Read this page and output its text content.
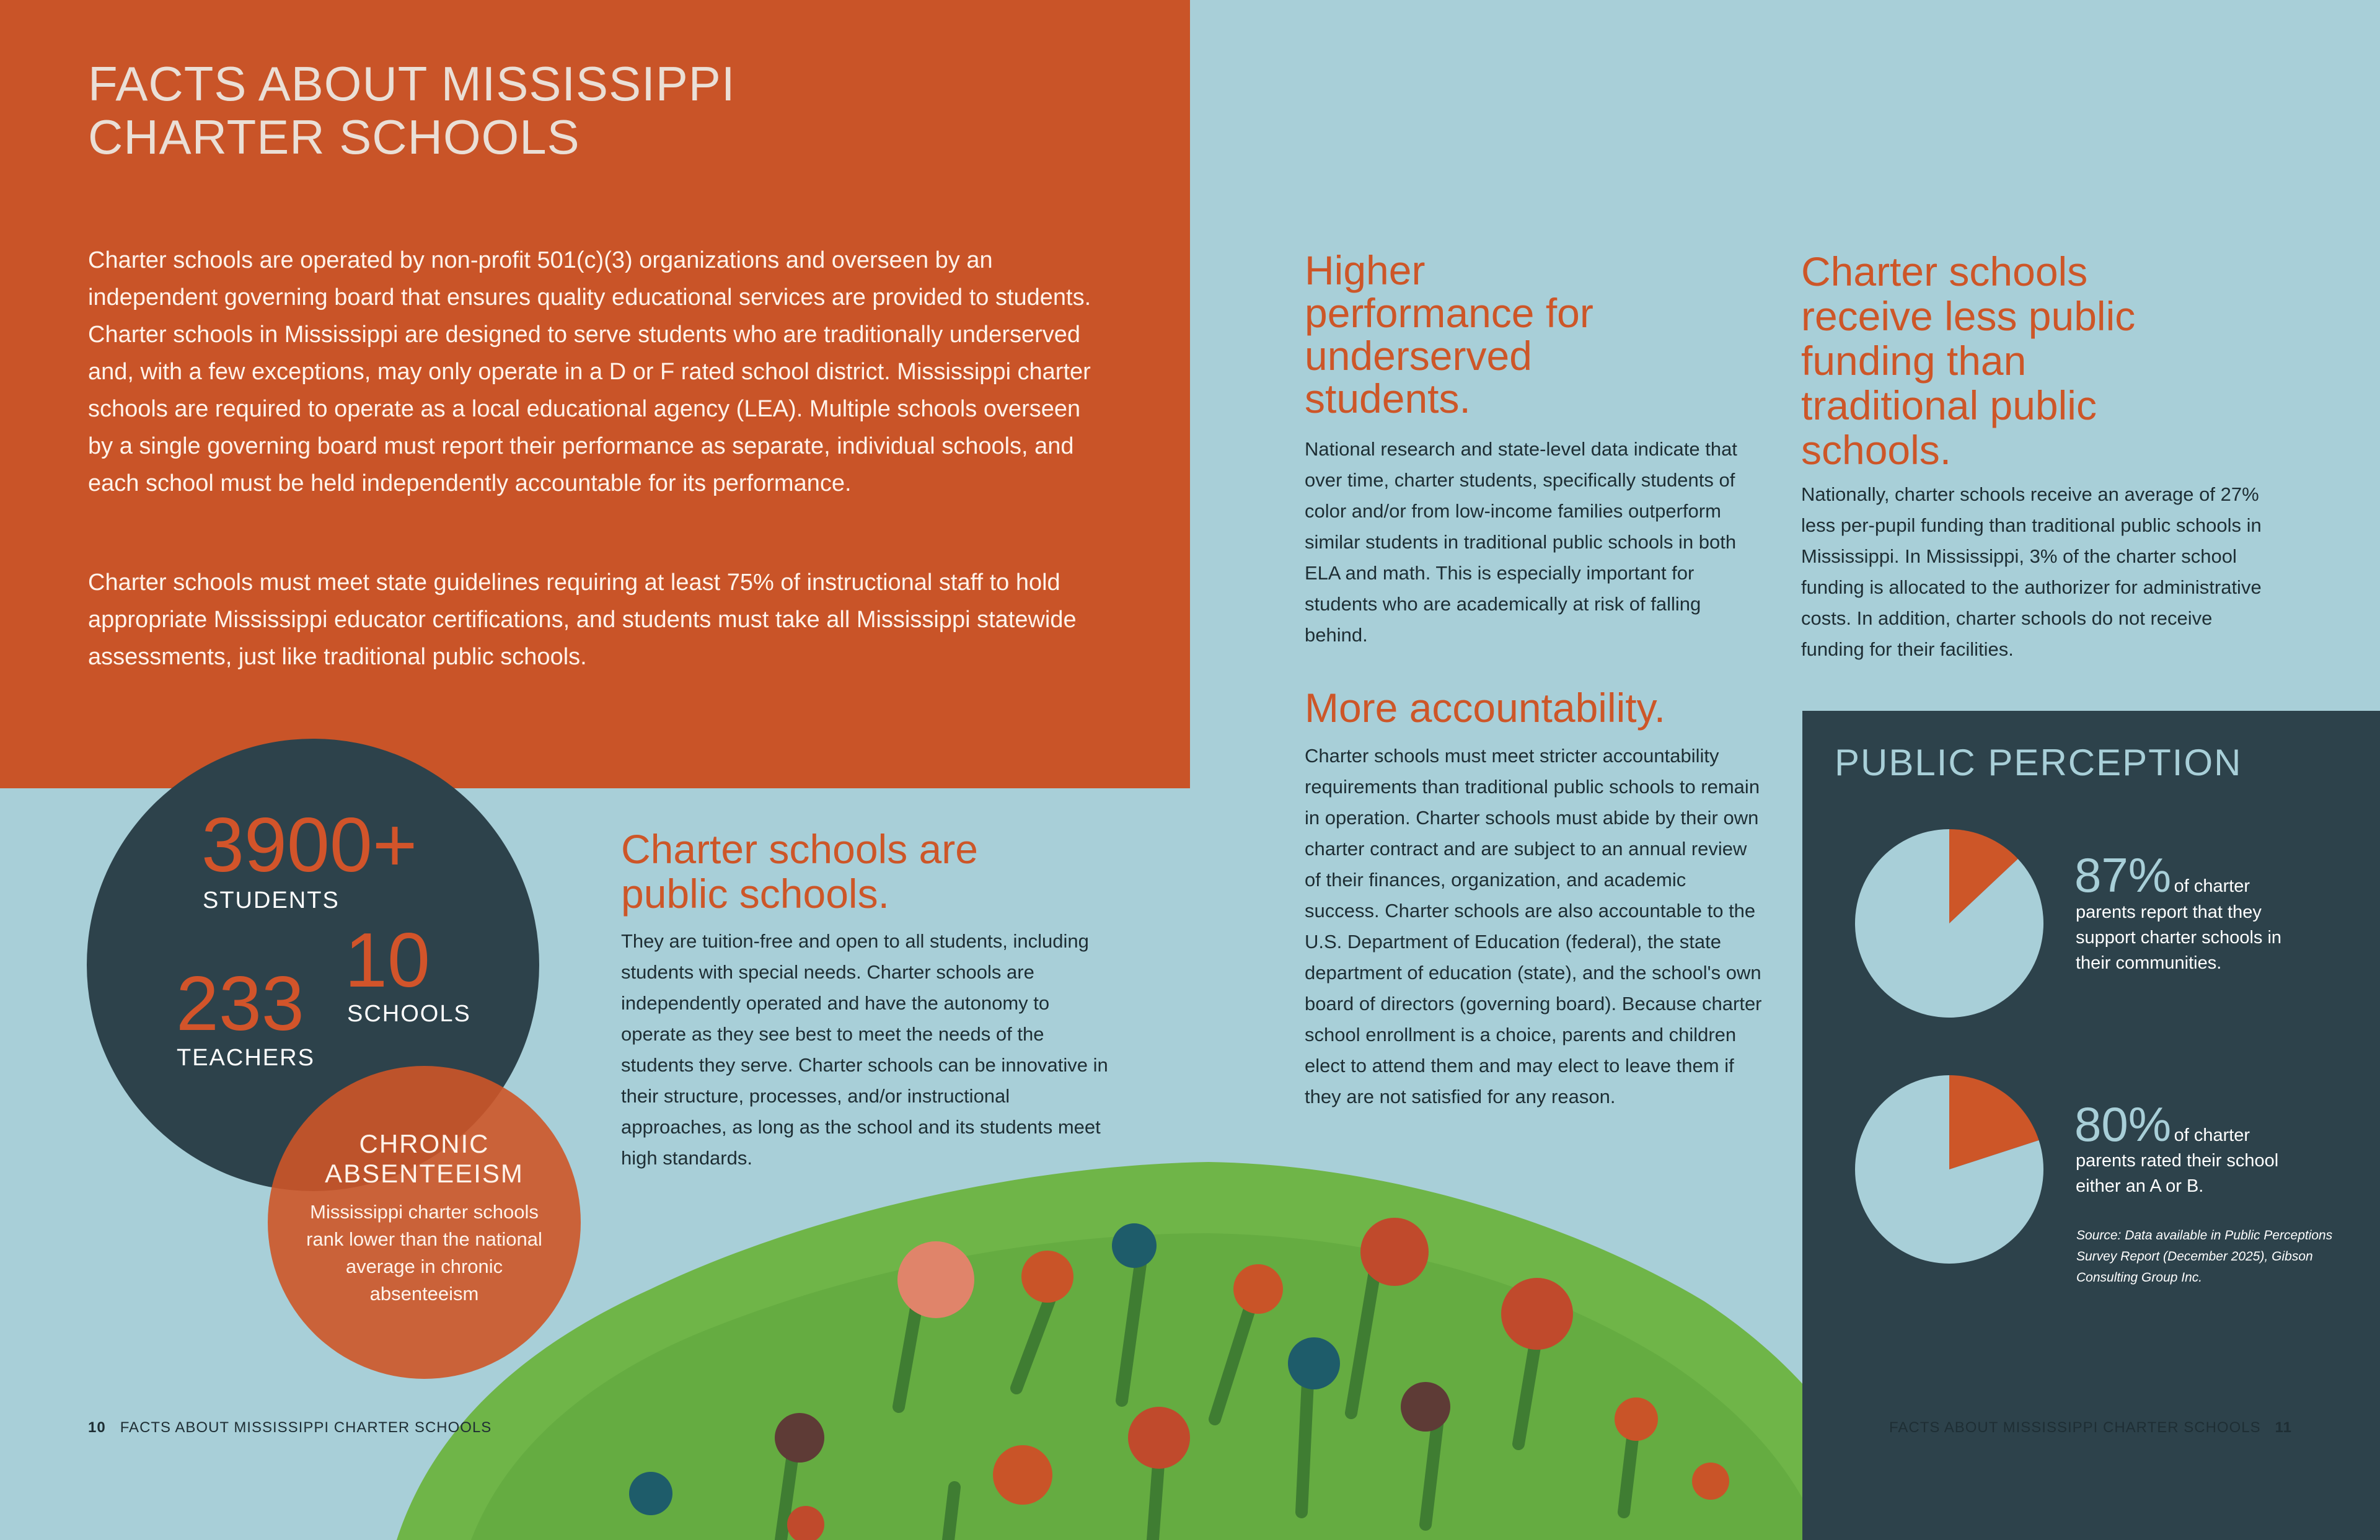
FACTS ABOUT MISSISSIPPI
CHARTER SCHOOLS

Charter schools are operated by non-profit 501(c)(3) organizations and overseen by an independent governing board that ensures quality educational services are provided to students. Charter schools in Mississippi are designed to serve students who are traditionally underserved and, with a few exceptions, may only operate in a D or F rated school district. Mississippi charter schools are required to operate as a local educational agency (LEA). Multiple schools overseen by a single governing board must report their performance as separate, individual schools, and each school must be held independently accountable for its performance.

Charter schools must meet state guidelines requiring at least 75% of instructional staff to hold appropriate Mississippi educator certifications, and students must take all Mississippi statewide assessments, just like traditional public schools.

3900+
STUDENTS
10
SCHOOLS
233
TEACHERS
CHRONIC
ABSENTEEISM
Mississippi charter schools rank lower than the national average in chronic absenteeism
Charter schools are public schools.

They are tuition-free and open to all students, including students with special needs. Charter schools are independently operated and have the autonomy to operate as they see best to meet the needs of the students they serve. Charter schools can be innovative in their structure, processes, and/or instructional approaches, as long as the school and its students meet high standards.

Higher performance for underserved students.

National research and state-level data indicate that over time, charter students, specifically students of color and/or from low-income families outperform similar students in traditional public schools in both ELA and math. This is especially important for students who are academically at risk of falling behind.

More accountability.

Charter schools must meet stricter accountability requirements than traditional public schools to remain in operation. Charter schools must abide by their own charter contract and are subject to an annual review of their finances, organization, and academic success. Charter schools are also accountable to the U.S. Department of Education (federal), the state department of education (state), and the school's own board of directors (governing board). Because charter school enrollment is a choice, parents and children elect to attend them and may elect to leave them if they are not satisfied for any reason.

Charter schools receive less public funding than traditional public schools.

Nationally, charter schools receive an average of 27% less per-pupil funding than traditional public schools in Mississippi. In Mississippi, 3% of the charter school funding is allocated to the authorizer for administrative costs. In addition, charter schools do not receive funding for their facilities.

PUBLIC PERCEPTION
87% of charter
parents report that they support charter schools in their communities.
80% of charter
parents rated their school either an A or B.
Source: Data available in Public Perceptions Survey Report (December 2025), Gibson Consulting Group Inc.
10 FACTS ABOUT MISSISSIPPI CHARTER SCHOOLS	FACTS ABOUT MISSISSIPPI CHARTER SCHOOLS 11
